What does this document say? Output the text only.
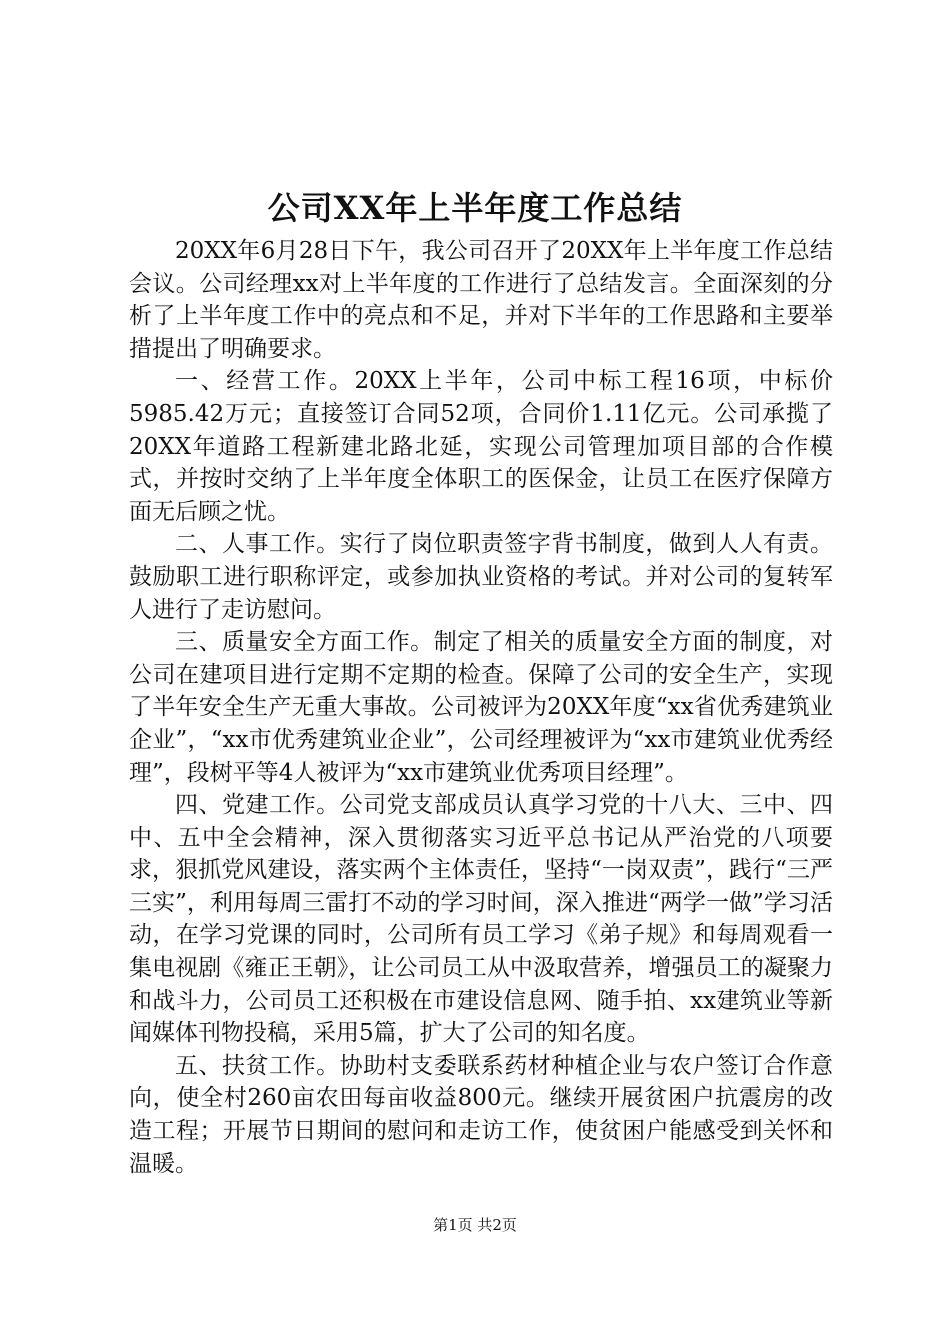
公司XX年上半年度工作总结

20XX年6月28日下午，我公司召开了20XX年上半年度工作总结会议。公司经理xx对上半年度的工作进行了总结发言。全面深刻的分析了上半年度工作中的亮点和不足，并对下半年的工作思路和主要举措提出了明确要求。

一、经营工作。20XX上半年，公司中标工程16项，中标价5985.42万元；直接签订合同52项，合同价1.11亿元。公司承揽了20XX年道路工程新建北路北延，实现公司管理加项目部的合作模式，并按时交纳了上半年度全体职工的医保金，让员工在医疗保障方面无后顾之忧。

二、人事工作。实行了岗位职责签字背书制度，做到人人有责。鼓励职工进行职称评定，或参加执业资格的考试。并对公司的复转军人进行了走访慰问。

三、质量安全方面工作。制定了相关的质量安全方面的制度，对公司在建项目进行定期不定期的检查。保障了公司的安全生产，实现了半年安全生产无重大事故。公司被评为20XX年度“xx省优秀建筑业企业”，“xx市优秀建筑业企业”，公司经理被评为“xx市建筑业优秀经理”，段树平等4人被评为“xx市建筑业优秀项目经理”。

四、党建工作。公司党支部成员认真学习党的十八大、三中、四中、五中全会精神，深入贯彻落实习近平总书记从严治党的八项要求，狠抓党风建设，落实两个主体责任，坚持“一岗双责”，践行“三严三实”，利用每周三雷打不动的学习时间，深入推进“两学一做”学习活动，在学习党课的同时，公司所有员工学习《弟子规》和每周观看一集电视剧《雍正王朝》，让公司员工从中汲取营养，增强员工的凝聚力和战斗力，公司员工还积极在市建设信息网、随手拍、xx建筑业等新闻媒体刊物投稿，采用5篇，扩大了公司的知名度。

五、扶贫工作。协助村支委联系药材种植企业与农户签订合作意向，使全村260亩农田每亩收益800元。继续开展贫困户抗震房的改造工程；开展节日期间的慰问和走访工作，使贫困户能感受到关怀和温暖。

第1页 共2页
